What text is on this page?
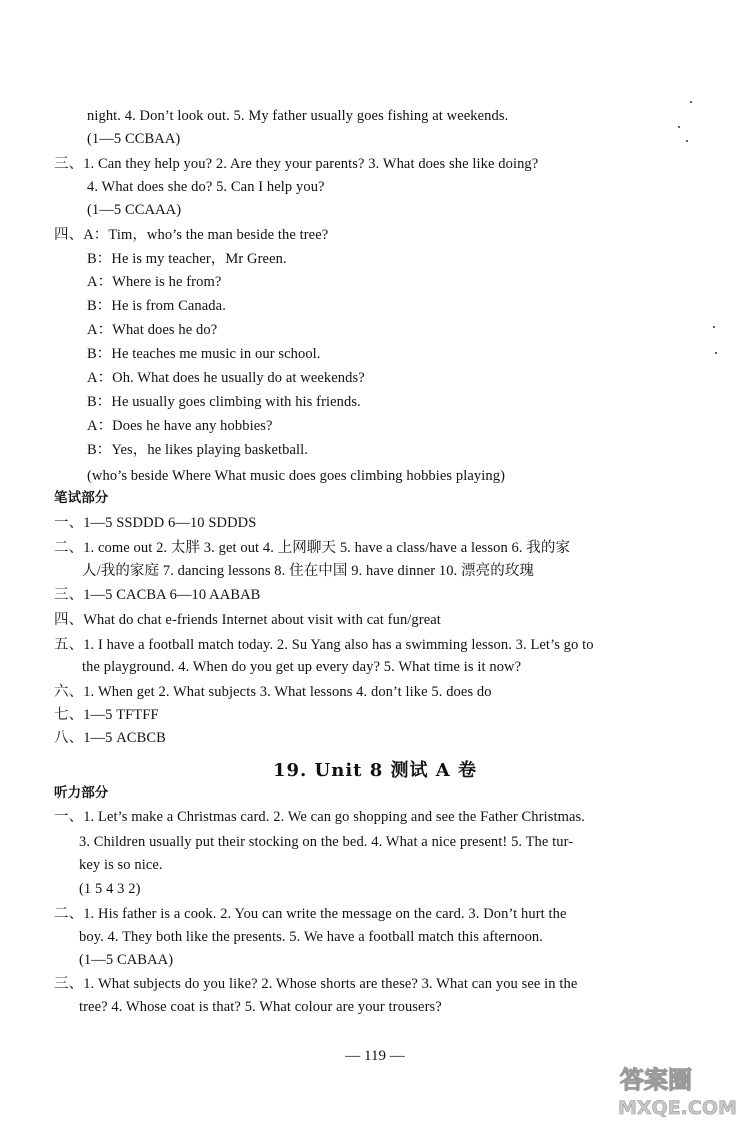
night. 4. Don’t look out. 5. My father usually goes fishing at weekends.
(1—5 CCBAA)
三、1. Can they help you? 2. Are they your parents? 3. What does she like doing?
4. What does she do? 5. Can I help you?
(1—5 CCAAA)
四、A：Tim，who’s the man beside the tree?
B：He is my teacher，Mr Green.
A：Where is he from?
B：He is from Canada.
A：What does he do?
B：He teaches me music in our school.
A：Oh. What does he usually do at weekends?
B：He usually goes climbing with his friends.
A：Does he have any hobbies?
B：Yes，he likes playing basketball.
(who’s beside Where What music does goes climbing hobbies playing)
笔试部分
一、1—5 SSDDD 6—10 SDDDS
二、1. come out 2. 太胖 3. get out 4. 上网聊天 5. have a class/have a lesson 6. 我的家
人/我的家庭 7. dancing lessons 8. 住在中国 9. have dinner 10. 漂亮的玫瑰
三、1—5 CACBA 6—10 AABAB
四、What do chat e-friends Internet about visit with cat fun/great
五、1. I have a football match today. 2. Su Yang also has a swimming lesson. 3. Let’s go to
the playground. 4. When do you get up every day? 5. What time is it now?
六、1. When get 2. What subjects 3. What lessons 4. don’t like 5. does do
七、1—5 TFTFF
八、1—5 ACBCB
19. Unit 8 测试 A 卷
听力部分
一、1. Let’s make a Christmas card. 2. We can go shopping and see the Father Christmas.
3. Children usually put their stocking on the bed. 4. What a nice present! 5. The tur-
key is so nice.
(1 5 4 3 2)
二、1. His father is a cook. 2. You can write the message on the card. 3. Don’t hurt the
boy. 4. They both like the presents. 5. We have a football match this afternoon.
(1—5 CABAA)
三、1. What subjects do you like? 2. Whose shorts are these? 3. What can you see in the
tree? 4. Whose coat is that? 5. What colour are your trousers?
— 119 —
答案圈
MXQE.COM
